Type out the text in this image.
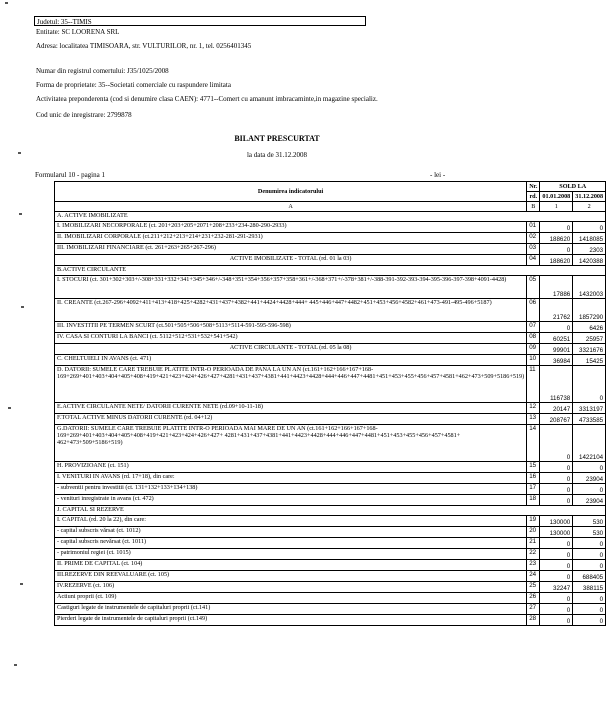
Judetul: 35--TIMIS
Entitate: SC LOORENA SRL
Adresa: localitatea TIMISOARA, str. VULTURILOR, nr. 1, tel. 0256401345
Numar din registrul comertului: J35/1025/2008
Forma de proprietate: 35--Societati comerciale cu raspundere limitata
Activitatea preponderenta (cod si denumire clasa CAEN): 4771--Comert cu amanunt imbracaminte,in magazine specializ.
Cod unic de inregistrare: 2799878
BILANT PRESCURTAT
la data de 31.12.2008
Formularul 10 - pagina 1	- lei -
Denumirea indicatorului	Nr.	SOLD LA	
	rd.	01.01.2008	31.12.2008
A	B	1	2
A. ACTIVE IMOBILIZATE			
I. IMOBILIZARI NECORPORALE (ct. 201+203+205+2071+208+233+234-280-290-2933)	01	0	0
II. IMOBILIZARI CORPORALE (ct.211+212+213+214+231+232-281-291-2931)	02	188620	1418085
III. IMOBILIZARI FINANCIARE (ct. 261+263+265+267-296)	03	0	2303
ACTIVE IMOBILIZATE - TOTAL (rd. 01 la 03)	04	188620	1420388
B.ACTIVE CIRCULANTE			
I. STOCURI (ct. 301+302+303+/-308+331+332+341+345+346+/-348+351+354+356+357+358+361+/-368+371+/-378+381+/-388-391-392-393-394-395-396-397-398+4091-4428)	05	17886	1432003
II. CREANTE (ct.267-296+4092+411+413+418+425+4282+431+437+4382+441+4424+4428+444+ 445+446+447+4482+451+453+456+4582+461+473-491-495-496+5187)	06	21762	1857290
III. INVESTITII PE TERMEN SCURT (ct.501+505+506+508+5113+5114-591-595-596-598)	07	0	6426
IV. CASA SI CONTURI LA BANCI (ct. 5112+512+531+532+541+542)	08	60251	25957
ACTIVE CIRCULANTE - TOTAL (rd. 05 la 08)	09	99901	3321676
C. CHELTUIELI IN AVANS (ct. 471)	10	36984	15425
D. DATORII: SUMELE CARE TREBUIE PLATITE INTR-O PERIOADA DE PANA LA UN AN (ct.161+162+166+167+168-169+269+401+403+404+405+408+419+421+423+424+426+427+4281+431+437+4381+441+4423+4428+444+446+447+4481+451+453+455+456+457+4581+462+473+509+5186+519)	11	116738	0
E.ACTIVE CIRCULANTE NETE/ DATORII CURENTE NETE (rd.09+10-11-18)	12	20147	3313197
F.TOTAL ACTIVE MINUS DATORII CURENTE (rd. 04+12)	13	208767	4733585
G.DATORII: SUMELE CARE TREBUIE PLATITE INTR-O PERIOADA MAI MARE DE UN AN (ct.161+162+166+167+168-169+269+401+403+404+405+408+419+421+423+424+426+427+ 4281+431+437+4381+441+4423+4428+444+446+447+4481+451+453+455+456+457+4581+ 462+473+509+5186+519)	14	0	1422104
H. PROVIZIOANE (ct. 151)	15	0	0
I. VENITURI IN AVANS (rd. 17+18), din care:	16	0	23904
- subventii pentru investitii (ct. 131+132+133+134+138)	17	0	0
- venituri inregistrate in avans (ct. 472)	18	0	23904
J. CAPITAL SI REZERVE			
I. CAPITAL (rd. 20 la 22), din care:	19	130000	530
- capital subscris vărsat (ct. 1012)	20	130000	530
- capital subscris nevărsat (ct. 1011)	21	0	0
- patrimoniul regiei (ct. 1015)	22	0	0
II. PRIME DE CAPITAL (ct. 104)	23	0	0
III.REZERVE DIN REEVALUARE (ct. 105)	24	0	688405
IV.REZERVE (ct. 106)	25	32247	388115
Actiuni proprii (ct. 109)	26	0	0
Castiguri legate de instrumentele de capitaluri proprii (ct.141)	27	0	0
Pierderi legate de instrumentele de capitaluri proprii (ct.149)	28	0	0
